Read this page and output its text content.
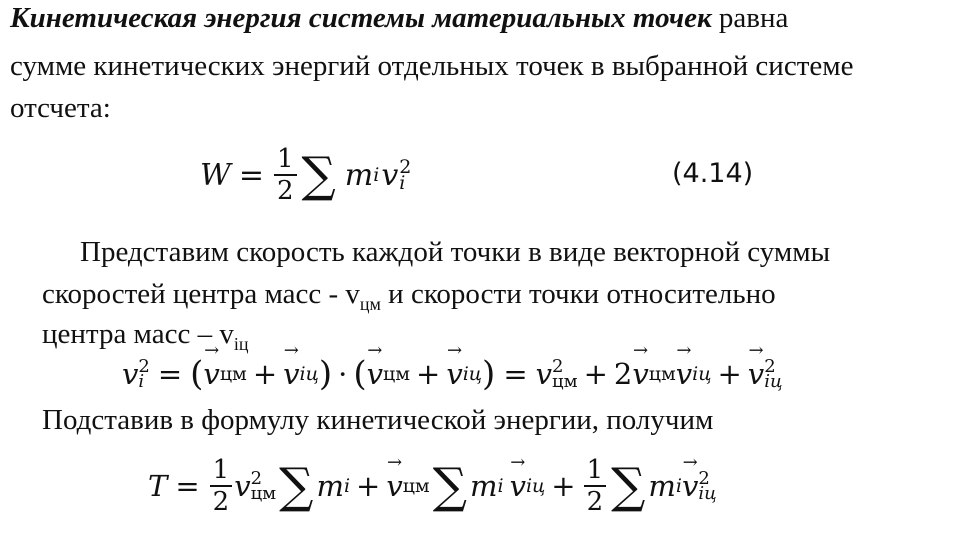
Кинетическая энергия системы материальных точек равна
сумме кинетических энергий отдельных точек в выбранной системе
отсчета:
$W = \frac{1}{2}$ ∑ m i v 2
i	(4.14)
Представим скорость каждой точки в виде векторной суммы
скоростей центра масс - $v_{цм}$ и скорости точки относительно
центра масс – $v_{iц}$
v 2
i = ( → v цм + → v iц ) · ( → v цм + → v iц ) = v 2
цм + 2 → v цм → v iц + → v 2
iц
Подставив в формулу кинетической энергии, получим
$T = \frac{1}{2}$ v 2
цм ∑ m i + → v цм ∑ m i → v iц + $\frac{1}{2}$ ∑ m i → v 2
iц
